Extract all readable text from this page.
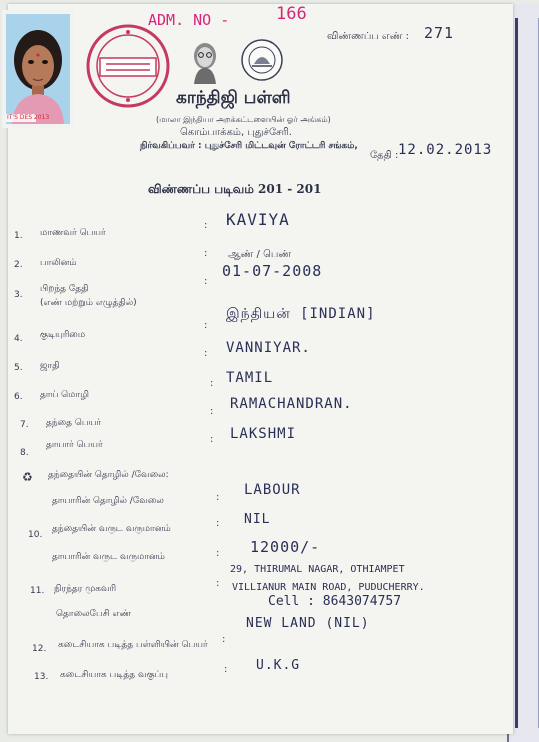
IT'S DES 2013
ADM. NO -	166
விண்ணப்ப எண் : 271
காந்திஜி பள்ளி
(மாலா இந்தியா அறக்கட்டளையின் ஓர் அங்கம்)
கொம்பாக்கம், புதுச்சேரி.
நிர்வகிப்பவர் : புதுச்சேரி மிட்டவுன் ரோட்டரி சங்கம்,
தேதி : 12.02.2013
விண்ணப்ப படிவம் 201 - 201
1. மாணவர் பெயர்
: KAVIYA
2. பாலினம்
: ஆண் / பெண்
3.
பிறந்த தேதி
(எண் மற்றும் எழுத்தில்)
:
01-07-2008
4. குடியுரிமை
:
இந்தியன் [INDIAN]
5. ஜாதி
: VANNIYAR.
6. தாய் மொழி
: TAMIL
7. தந்தை பெயர்
: RAMACHANDRAN.
8.
தாயார் பெயர்	: LAKSHMI
♻ தந்தையின் தொழில் /வேலை:
தாயாரின் தொழில் /வேலை	: LABOUR
10.
தந்தையின் வருட வருமானம்	: NIL
தாயாரின் வருட வருமானம்	: 12000/-
11. நிரந்தர முகவரி	:
29, THIRUMAL NAGAR, OTHIAMPET
VILLIANUR MAIN ROAD, PUDUCHERRY.
தொலைபேசி எண்
Cell : 8643074757
12. கடைசியாக படித்த பள்ளியின் பெயர் :
NEW LAND (NIL)
13. கடைசியாக படித்த வகுப்பு	: U.K.G
